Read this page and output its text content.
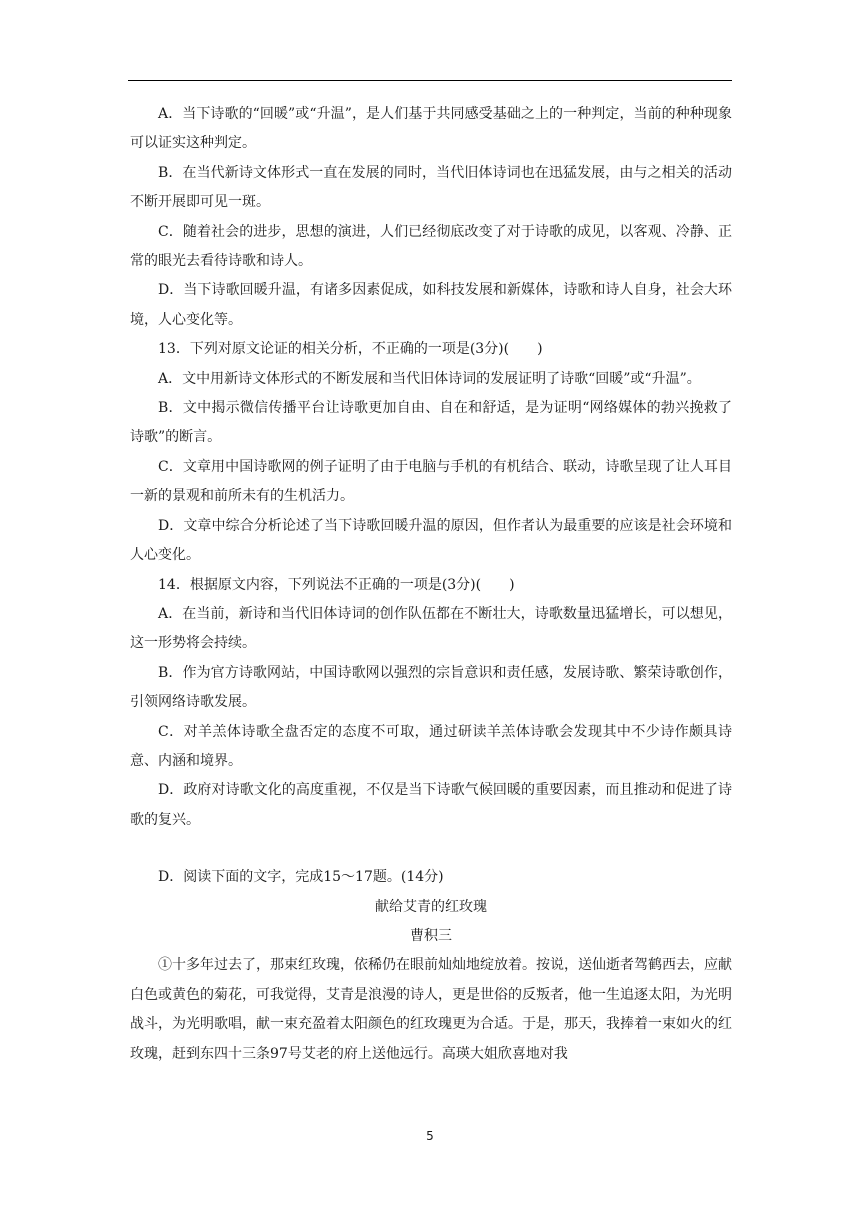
A．当下诗歌的“回暖”或“升温”，是人们基于共同感受基础之上的一种判定，当前的种种现象可以证实这种判定。

B．在当代新诗文体形式一直在发展的同时，当代旧体诗词也在迅猛发展，由与之相关的活动不断开展即可见一斑。

C．随着社会的进步，思想的演进，人们已经彻底改变了对于诗歌的成见，以客观、冷静、正常的眼光去看待诗歌和诗人。

D．当下诗歌回暖升温，有诸多因素促成，如科技发展和新媒体，诗歌和诗人自身，社会大环境，人心变化等。

13．下列对原文论证的相关分析，不正确的一项是(3分)(　　)

A．文中用新诗文体形式的不断发展和当代旧体诗词的发展证明了诗歌“回暖”或“升温”。

B．文中揭示微信传播平台让诗歌更加自由、自在和舒适，是为证明“网络媒体的勃兴挽救了诗歌”的断言。

C．文章用中国诗歌网的例子证明了由于电脑与手机的有机结合、联动，诗歌呈现了让人耳目一新的景观和前所未有的生机活力。

D．文章中综合分析论述了当下诗歌回暖升温的原因，但作者认为最重要的应该是社会环境和人心变化。

14．根据原文内容，下列说法不正确的一项是(3分)(　　)

A．在当前，新诗和当代旧体诗词的创作队伍都在不断壮大，诗歌数量迅猛增长，可以想见，这一形势将会持续。

B．作为官方诗歌网站，中国诗歌网以强烈的宗旨意识和责任感，发展诗歌、繁荣诗歌创作，引领网络诗歌发展。

C．对羊羔体诗歌全盘否定的态度不可取，通过研读羊羔体诗歌会发现其中不少诗作颇具诗意、内涵和境界。

D．政府对诗歌文化的高度重视，不仅是当下诗歌气候回暖的重要因素，而且推动和促进了诗歌的复兴。

D．阅读下面的文字，完成15～17题。(14分)

献给艾青的红玫瑰

曹积三

①十多年过去了，那束红玫瑰，依稀仍在眼前灿灿地绽放着。按说，送仙逝者驾鹤西去，应献白色或黄色的菊花，可我觉得，艾青是浪漫的诗人，更是世俗的反叛者，他一生追逐太阳，为光明战斗，为光明歌唱，献一束充盈着太阳颜色的红玫瑰更为合适。于是，那天，我捧着一束如火的红玫瑰，赶到东四十三条97号艾老的府上送他远行。高瑛大姐欣喜地对我

5
